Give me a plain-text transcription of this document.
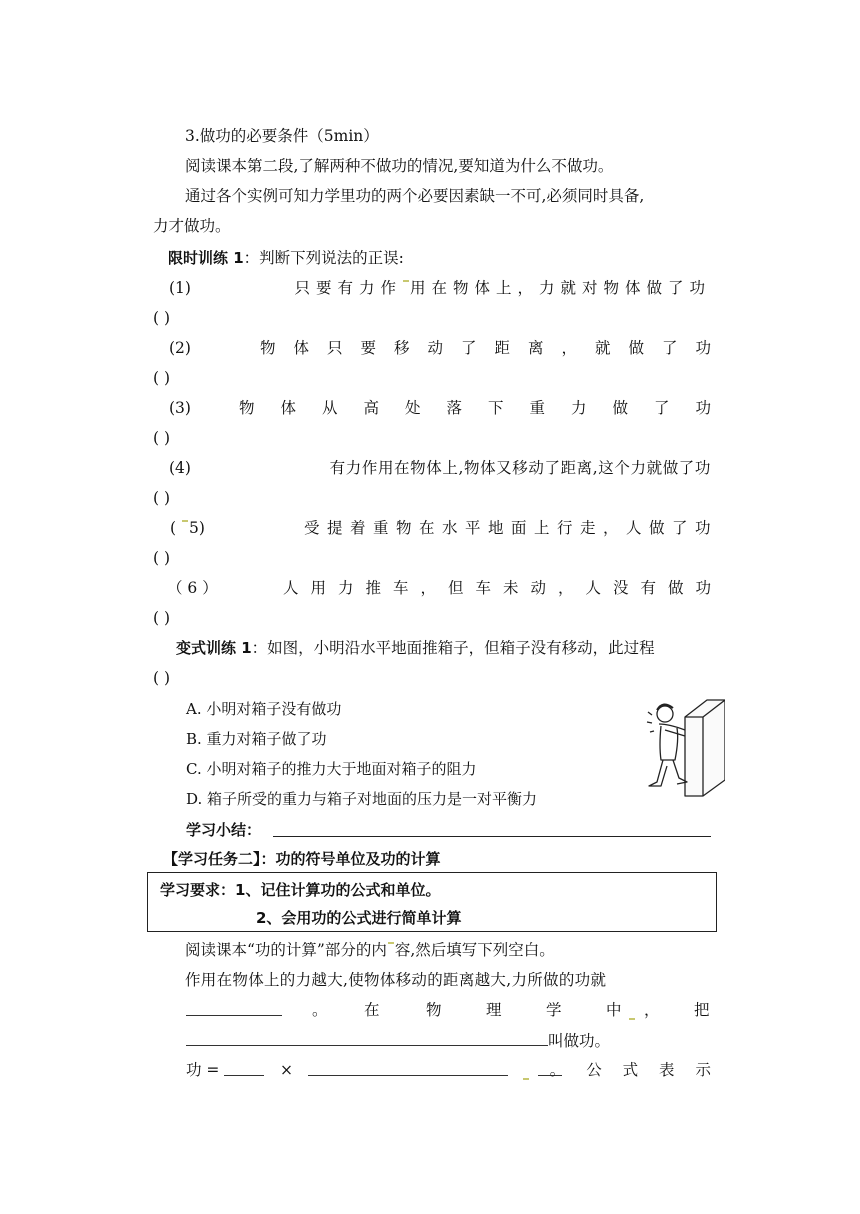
3.做功的必要条件（5min）
阅读课本第二段,了解两种不做功的情况,要知道为什么不做功。
通过各个实例可知力学里功的两个必要因素缺一不可,必须同时具备,
力才做功。
限时训练 1：判断下列说法的正误:
(1)	只要有力作 用在物体上，力就对物体做了功
( )
(2)	物体只要移动了距离，就做了功
( )
(3)	物体从高处落下重力做了功
( )
(4)	有力作用在物体上,物体又移动了距离,这个力就做了功
( )
( 5)	受提着重物在水平地面上行走，人做了功
( )
（ 6 ）	人用力推车，但车未动，人没有做功
( )
变式训练 1：如图，小明沿水平地面推箱子，但箱子没有移动，此过程
( )
A. 小明对箱子没有做功
B. 重力对箱子做了功
C. 小明对箱子的推力大于地面对箱子的阻力
D. 箱子所受的重力与箱子对地面的压力是一对平衡力
学习小结：
【学习任务二】：功的符号单位及功的计算
学习要求：1、记住计算功的公式和单位。
2、会用功的公式进行简单计算
阅读课本“功的计算”部分的内 容,然后填写下列空白。
作用在物体上的力越大,使物体移动的距离越大,力所做的功就
。 在	物	理	学	中 ， 把
叫做功。
功 =	×	。 公 式 表 示
